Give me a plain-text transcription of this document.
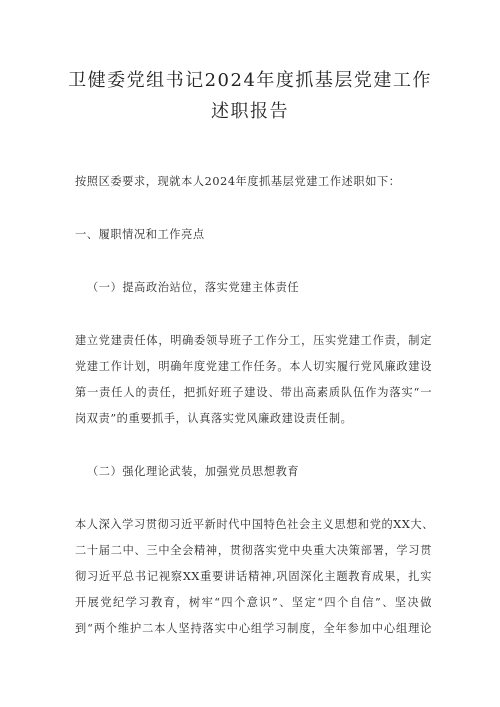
卫健委党组书记2024年度抓基层党建工作
述职报告
按照区委要求，现就本人2024年度抓基层党建工作述职如下：
一、履职情况和工作亮点
（一）提高政治站位，落实党建主体责任
建立党建责任体，明确委领导班子工作分工，压实党建工作责，制定
党建工作计划，明确年度党建工作任务。本人切实履行党风廉政建设
第一责任人的责任，把抓好班子建设、带出高素质队伍作为落实“一
岗双责”的重要抓手，认真落实党风廉政建设责任制。
（二）强化理论武装，加强党员思想教育
本人深入学习贯彻习近平新时代中国特色社会主义思想和党的XX大、
二十届二中、三中全会精神，贯彻落实党中央重大决策部署，学习贯
彻习近平总书记视察XX重要讲话精神,巩固深化主题教育成果，扎实
开展党纪学习教育，树牢“四个意识”、坚定“四个自信”、坚决做
到“两个维护二本人坚持落实中心组学习制度，全年参加中心组理论
